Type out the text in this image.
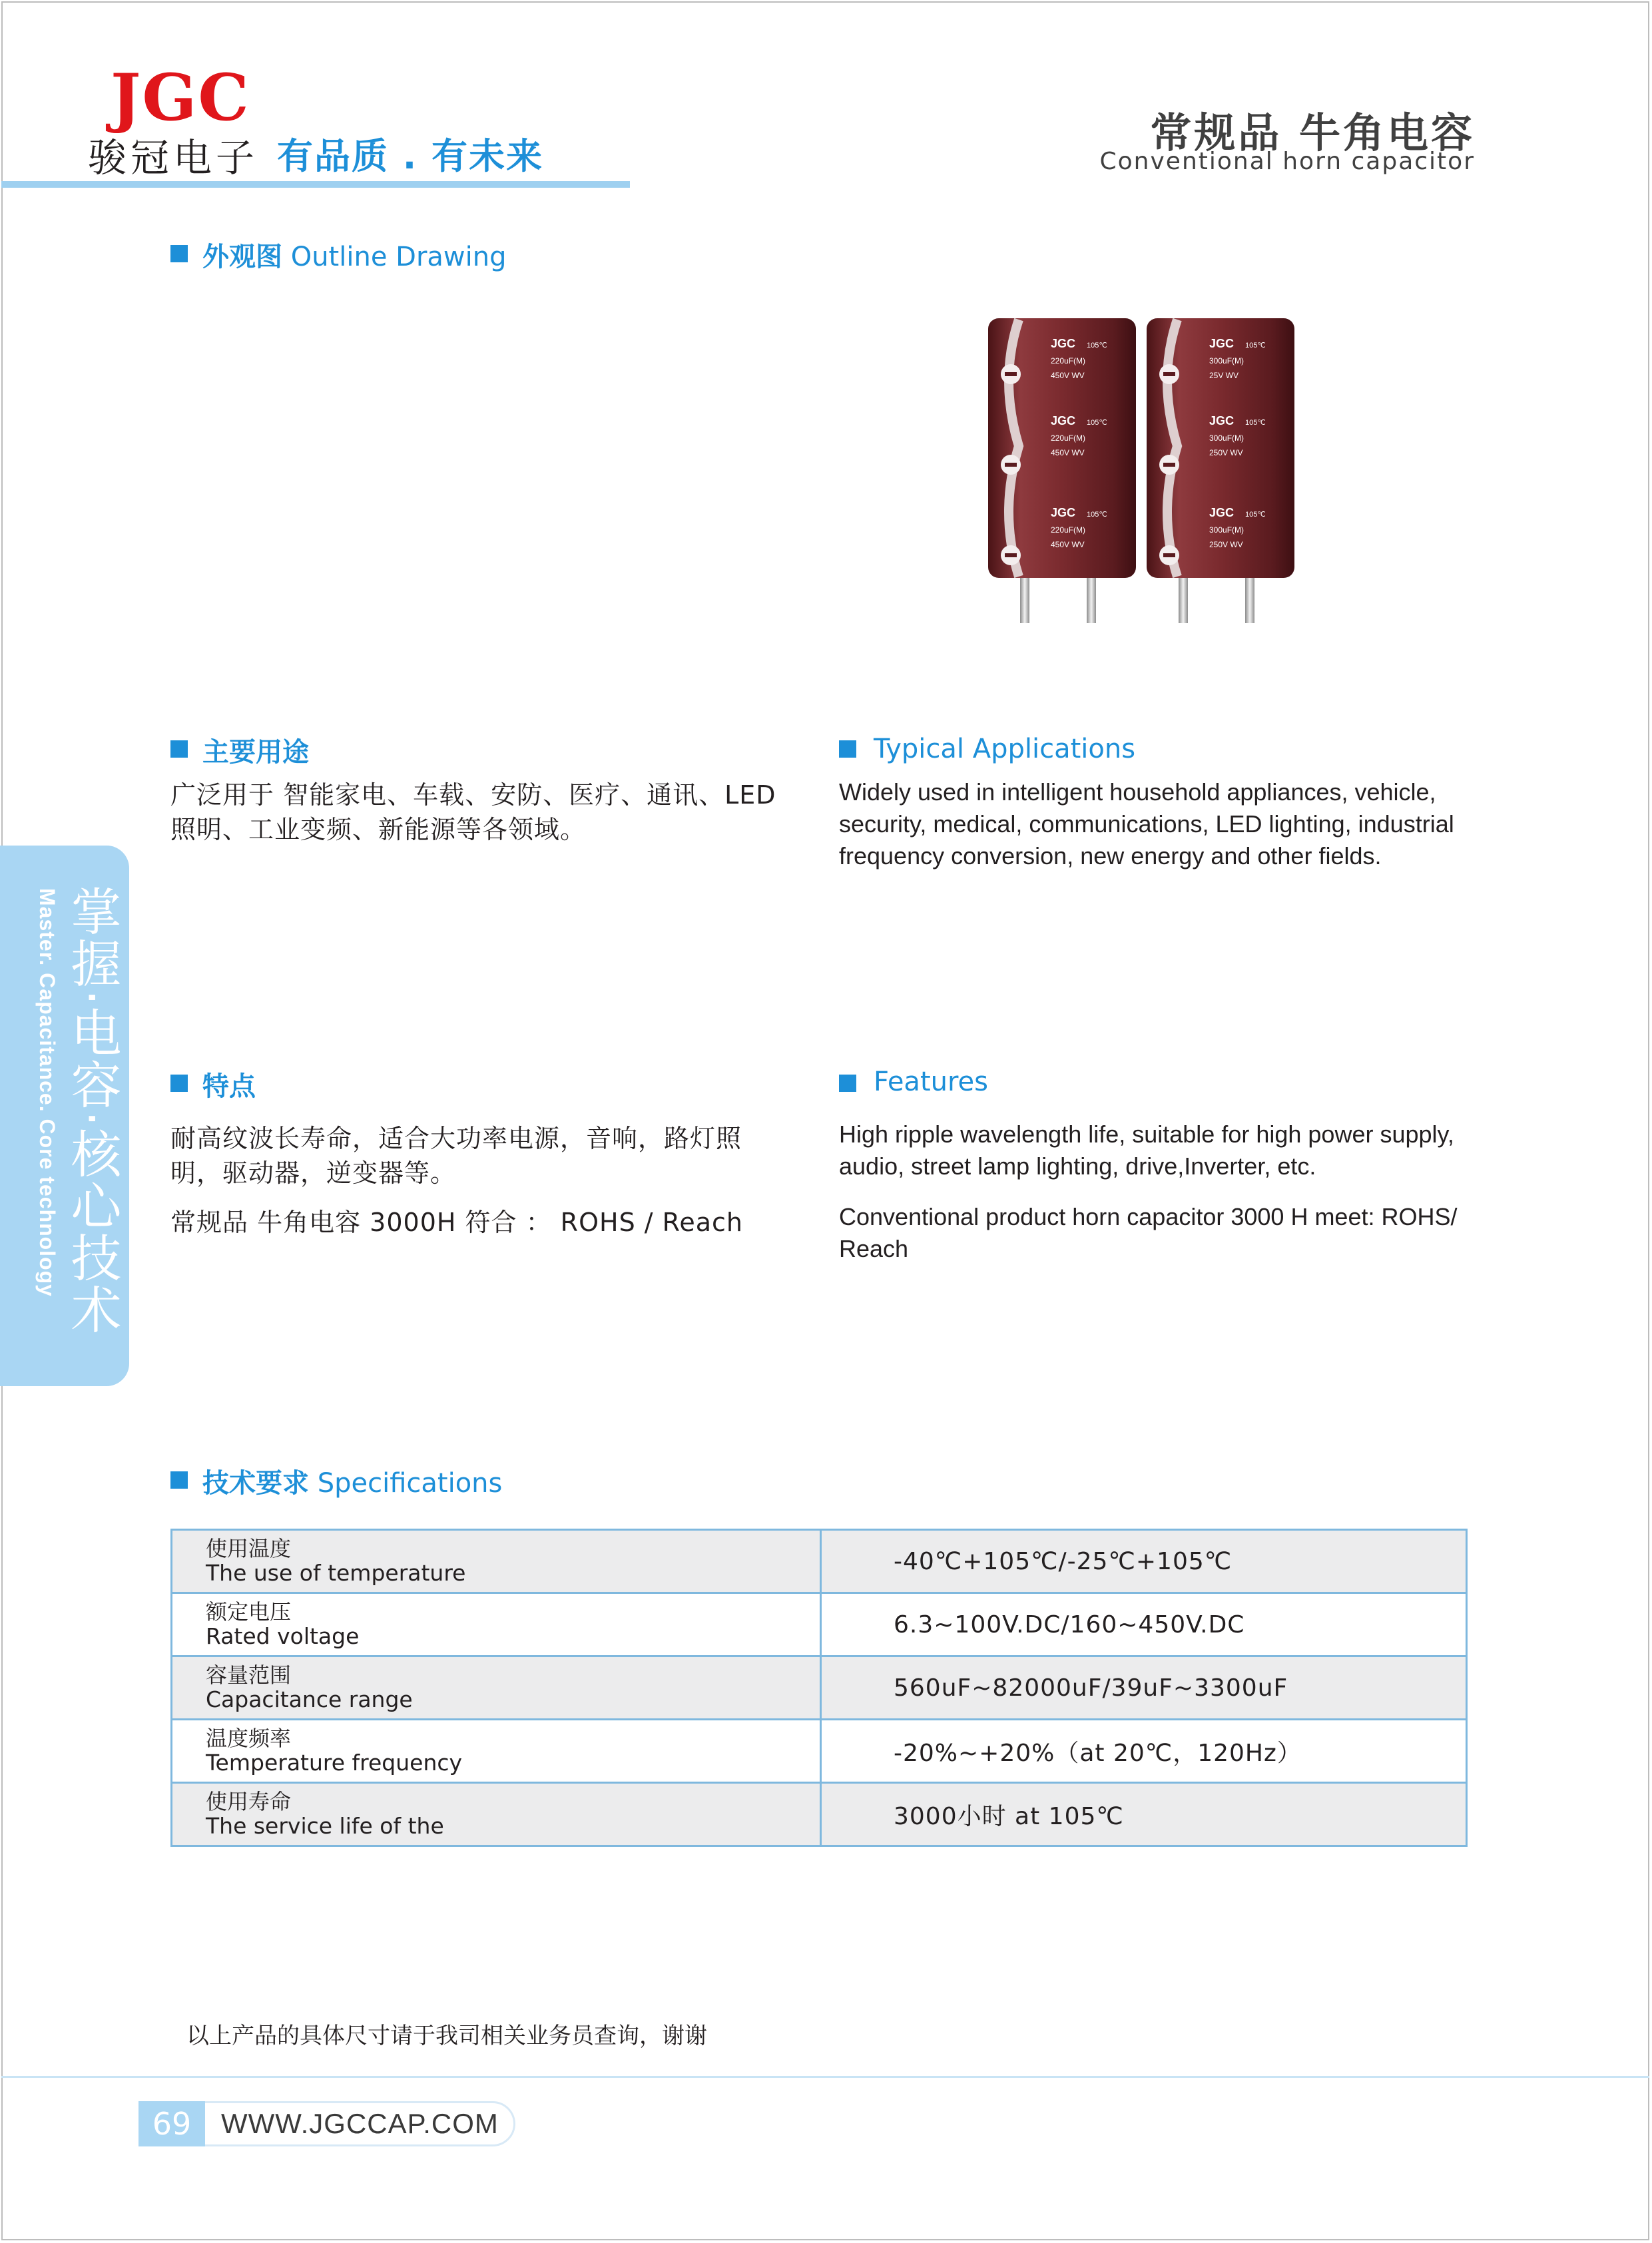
JGC
骏冠电子 有品质 . 有未来	常规品 牛角电容
Conventional horn capacitor
外观图 Outline Drawing
JGC 105℃
220uF(M)
450V WV
JGC 105℃
220uF(M)
450V WV
JGC 105℃
220uF(M)
450V WV
JGC 105℃
300uF(M)
25V WV
JGC 105℃
300uF(M)
250V WV
JGC 105℃
300uF(M)
250V WV
主要用途
广泛用于 智能家电、车载、安防、医疗、通讯、LED
照明、工业变频、新能源等各领域。
Typical Applications
Widely used in intelligent household appliances, vehicle,
security, medical, communications, LED lighting, industrial
frequency conversion, new energy and other fields.
掌握·电容·核心技术
Master. Capacitance. Core technology	特点
耐高纹波长寿命，适合大功率电源，音响，路灯照
明，驱动器，逆变器等。
常规品 牛角电容 3000H 符合 ： ROHS / Reach
Features
High ripple wavelength life, suitable for high power supply,
audio, street lamp lighting, drive,Inverter, etc.
Conventional product horn capacitor 3000 H meet: ROHS/
Reach
技术要求 Specifications
使用温度
The use of temperature	-40℃+105℃/-25℃+105℃

额定电压
Rated voltage	6.3~100V.DC/160~450V.DC

容量范围
Capacitance range	560uF~82000uF/39uF~3300uF

温度频率
Temperature frequency	-20%~+20%（at 20℃，120Hz）

使用寿命
The service life of the	3000小时 at 105℃
以上产品的具体尺寸请于我司相关业务员查询，谢谢
69	WWW.JGCCAP.COM
